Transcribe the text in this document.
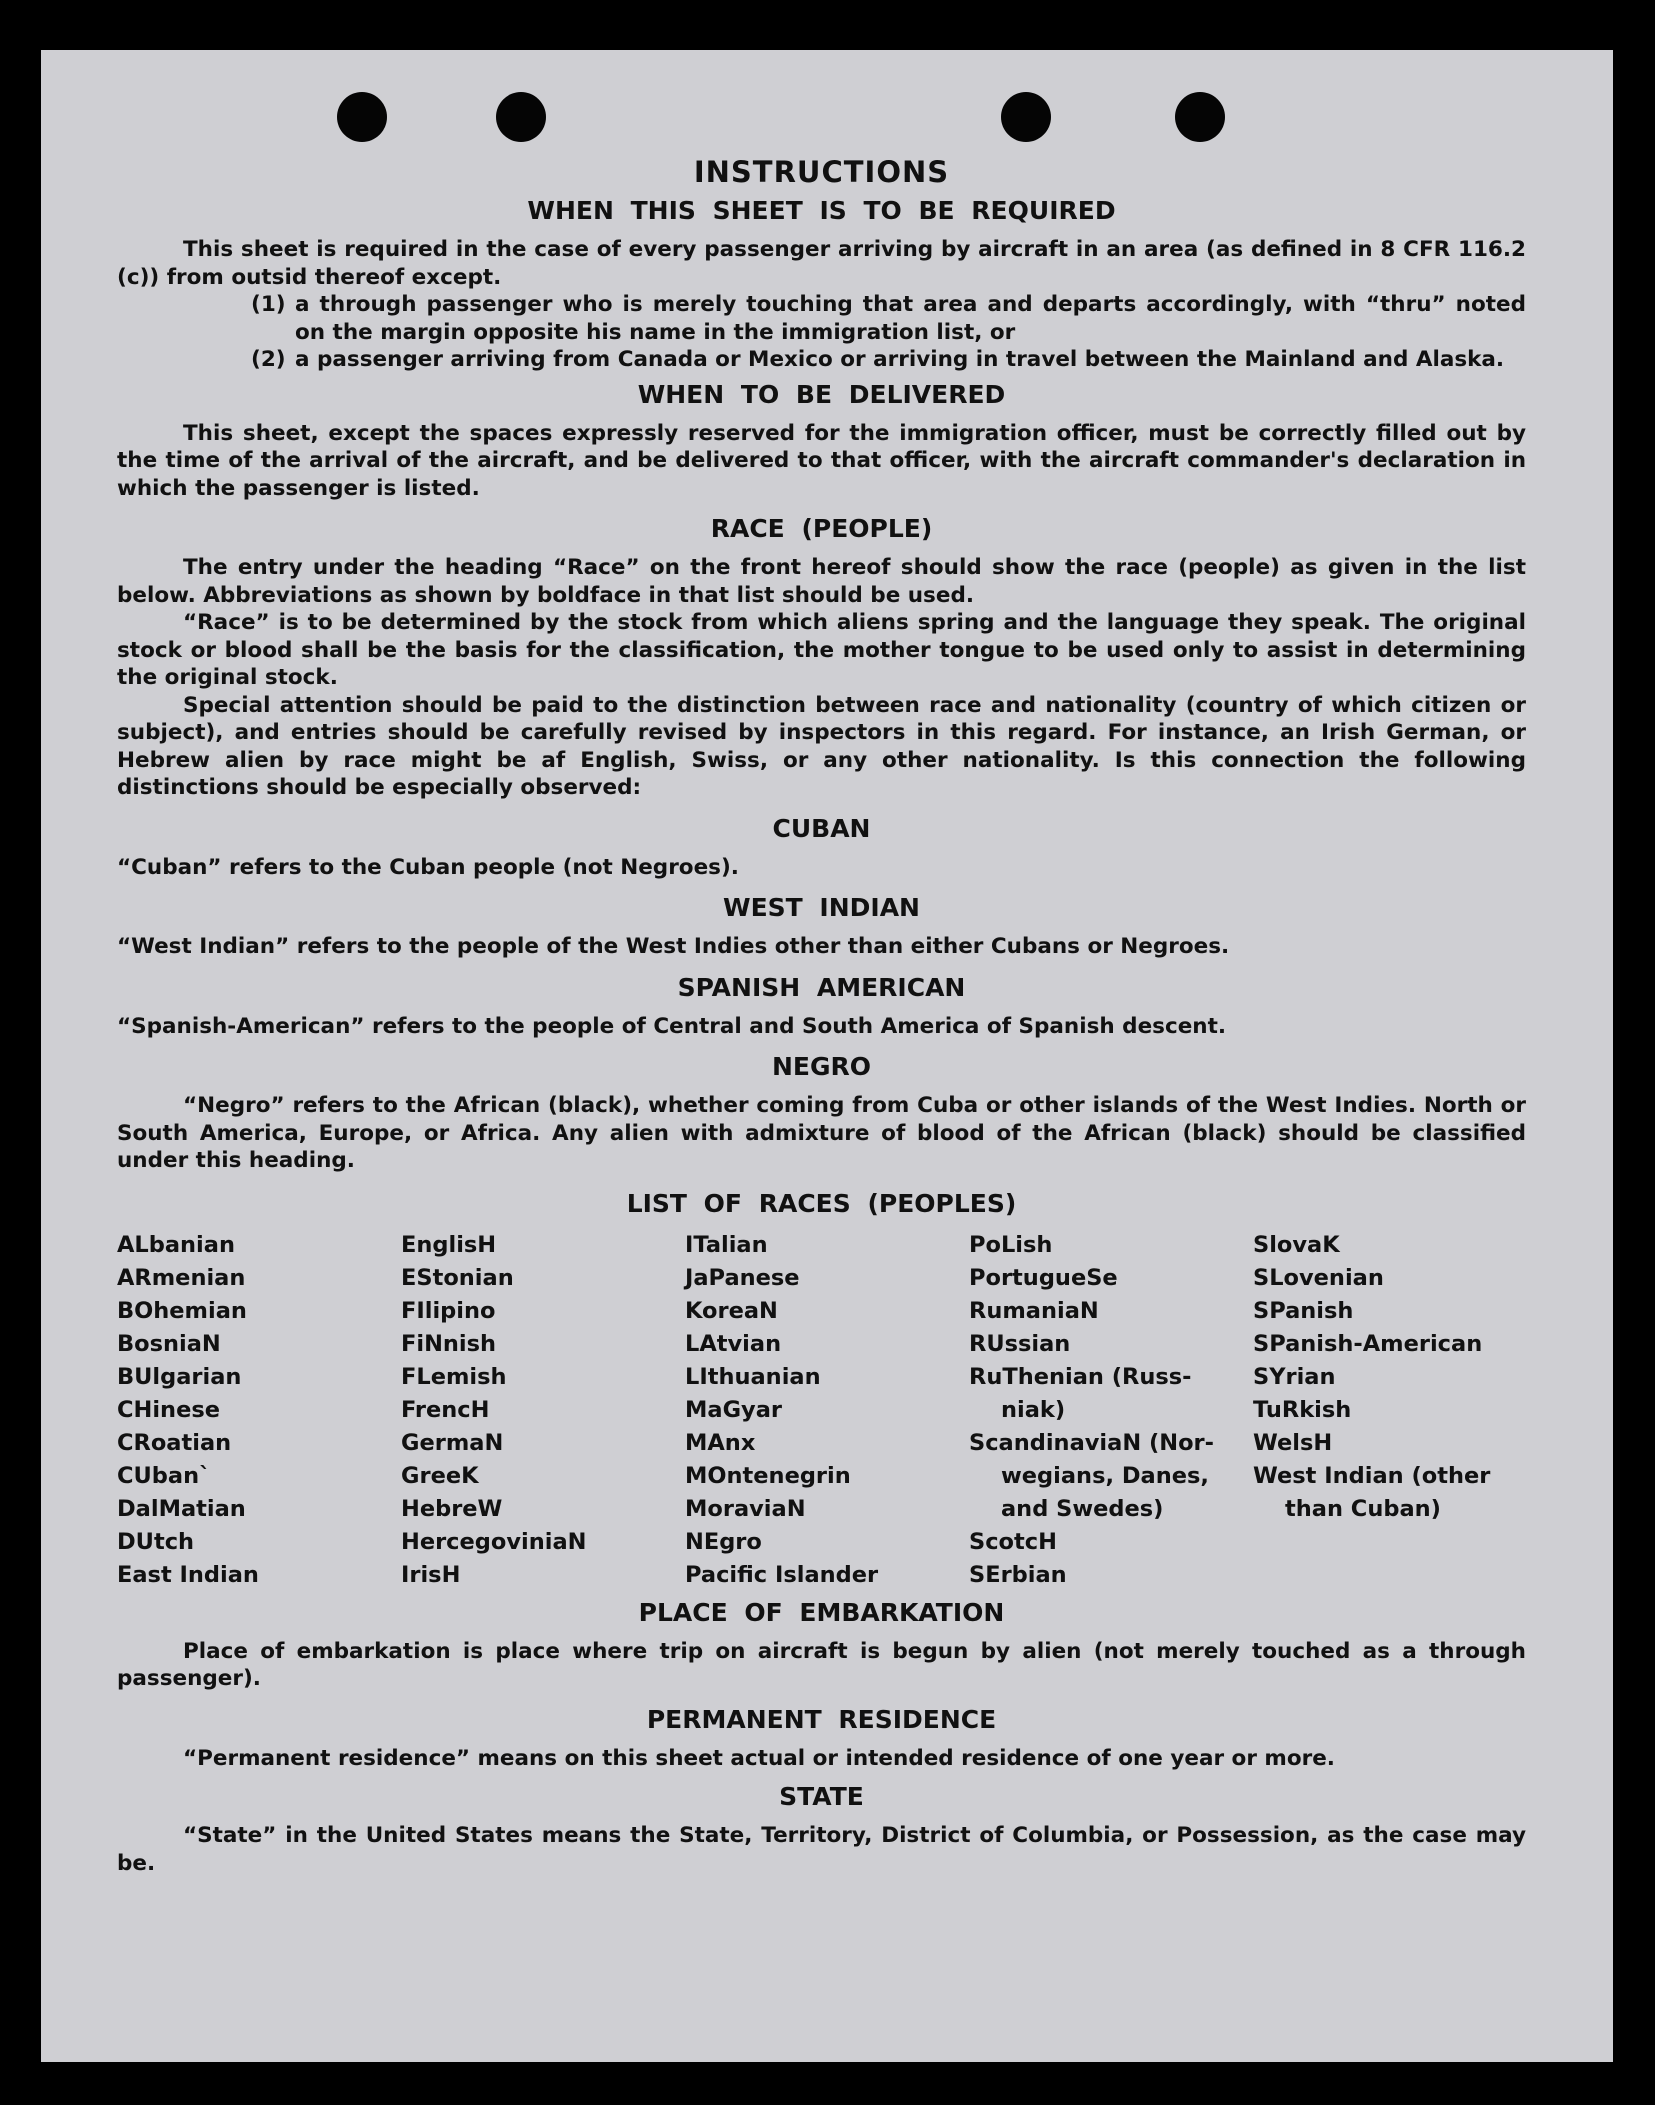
INSTRUCTIONS
WHEN THIS SHEET IS TO BE REQUIRED

This sheet is required in the case of every passenger arriving by aircraft in an area (as defined in 8 CFR 116.2 (c)) from outsid thereof except.

(1) a through passenger who is merely touching that area and departs accordingly, with “thru” noted on the margin opposite his name in the immigration list, or
(2) a passenger arriving from Canada or Mexico or arriving in travel between the Mainland and Alaska.
WHEN TO BE DELIVERED

This sheet, except the spaces expressly reserved for the immigration officer, must be correctly filled out by the time of the arrival of the aircraft, and be delivered to that officer, with the aircraft commander's declaration in which the passenger is listed.

RACE (PEOPLE)

The entry under the heading “Race” on the front hereof should show the race (people) as given in the list below. Abbreviations as shown by boldface in that list should be used.

“Race” is to be determined by the stock from which aliens spring and the language they speak. The original stock or blood shall be the basis for the classification, the mother tongue to be used only to assist in determining the original stock.

Special attention should be paid to the distinction between race and nationality (country of which citizen or subject), and entries should be carefully revised by inspectors in this regard. For instance, an Irish German, or Hebrew alien by race might be af English, Swiss, or any other nationality. Is this connection the following distinctions should be especially observed:

CUBAN

“Cuban” refers to the Cuban people (not Negroes).

WEST INDIAN

“West Indian” refers to the people of the West Indies other than either Cubans or Negroes.

SPANISH AMERICAN

“Spanish-American” refers to the people of Central and South America of Spanish descent.

NEGRO

“Negro” refers to the African (black), whether coming from Cuba or other islands of the West Indies. North or South America, Europe, or Africa. Any alien with admixture of blood of the African (black) should be classified under this heading.

LIST OF RACES (PEOPLES)
ALbanian
ARmenian
BOhemian
BosniaN
BUlgarian
CHinese
CRoatian
CUban`
DalMatian
DUtch
East Indian
EnglisH
EStonian
FIlipino
FiNnish
FLemish
FrencH
GermaN
GreeK
HebreW
HercegoviniaN
IrisH
ITalian
JaPanese
KoreaN
LAtvian
LIthuanian
MaGyar
MAnx
MOntenegrin
MoraviaN
NEgro
Pacific Islander
PoLish
PortugueSe
RumaniaN
RUssian
RuThenian (Russ-
niak)
ScandinaviaN (Nor-
wegians, Danes,
and Swedes)
ScotcH
SErbian
SlovaK
SLovenian
SPanish
SPanish-American
SYrian
TuRkish
WelsH
West Indian (other
than Cuban)
PLACE OF EMBARKATION

Place of embarkation is place where trip on aircraft is begun by alien (not merely touched as a through passenger).

PERMANENT RESIDENCE

“Permanent residence” means on this sheet actual or intended residence of one year or more.

STATE

“State” in the United States means the State, Territory, District of Columbia, or Possession, as the case may be.
